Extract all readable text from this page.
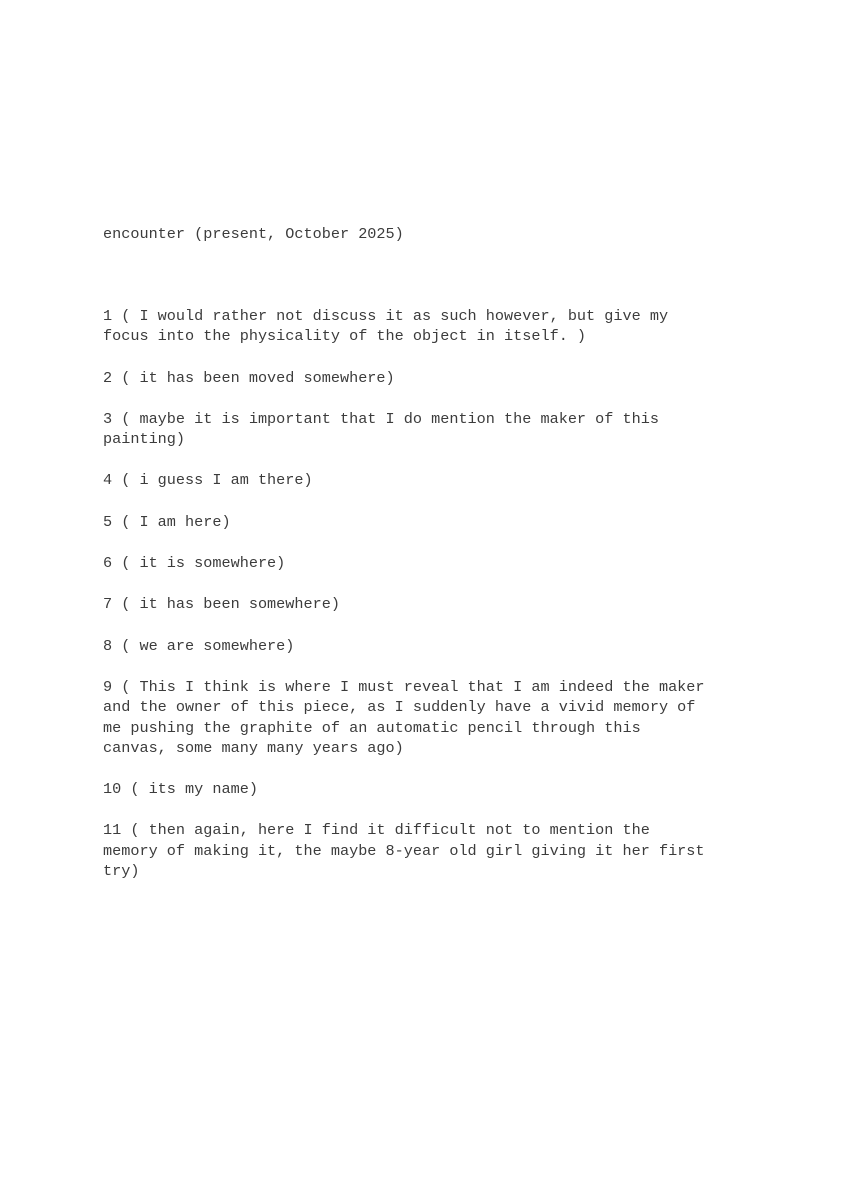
encounter (present, October 2025)
1 ( I would rather not discuss it as such however, but give my
focus into the physicality of the object in itself. )
2 ( it has been moved somewhere)
3 ( maybe it is important that I do mention the maker of this
painting)
4 ( i guess I am there)
5 ( I am here)
6 ( it is somewhere)
7 ( it has been somewhere)
8 ( we are somewhere)
9 ( This I think is where I must reveal that I am indeed the maker
and the owner of this piece, as I suddenly have a vivid memory of
me pushing the graphite of an automatic pencil through this
canvas, some many many years ago)
10 ( its my name)
11 ( then again, here I find it difficult not to mention the
memory of making it, the maybe 8-year old girl giving it her first
try)
